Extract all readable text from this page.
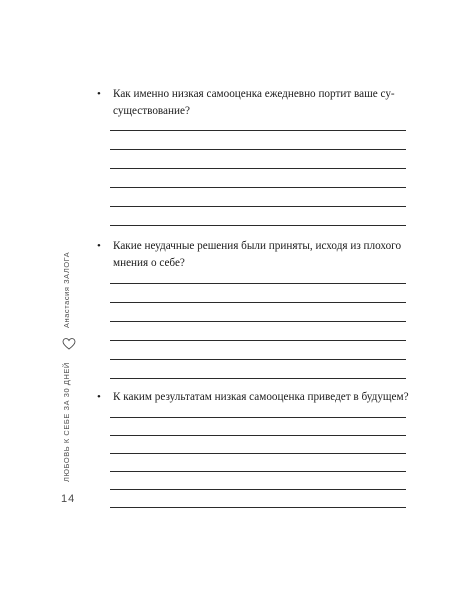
• Как именно низкая самооценка ежедневно портит ваше су-существование?

• Какие неудачные решения были приняты, исходя из плохого мнения о себе?

• К каким результатам низкая самооценка приведет в будущем?

Анастасия ЗАЛОГА
ЛЮБОВЬ К СЕБЕ ЗА 30 ДНЕЙ
14
